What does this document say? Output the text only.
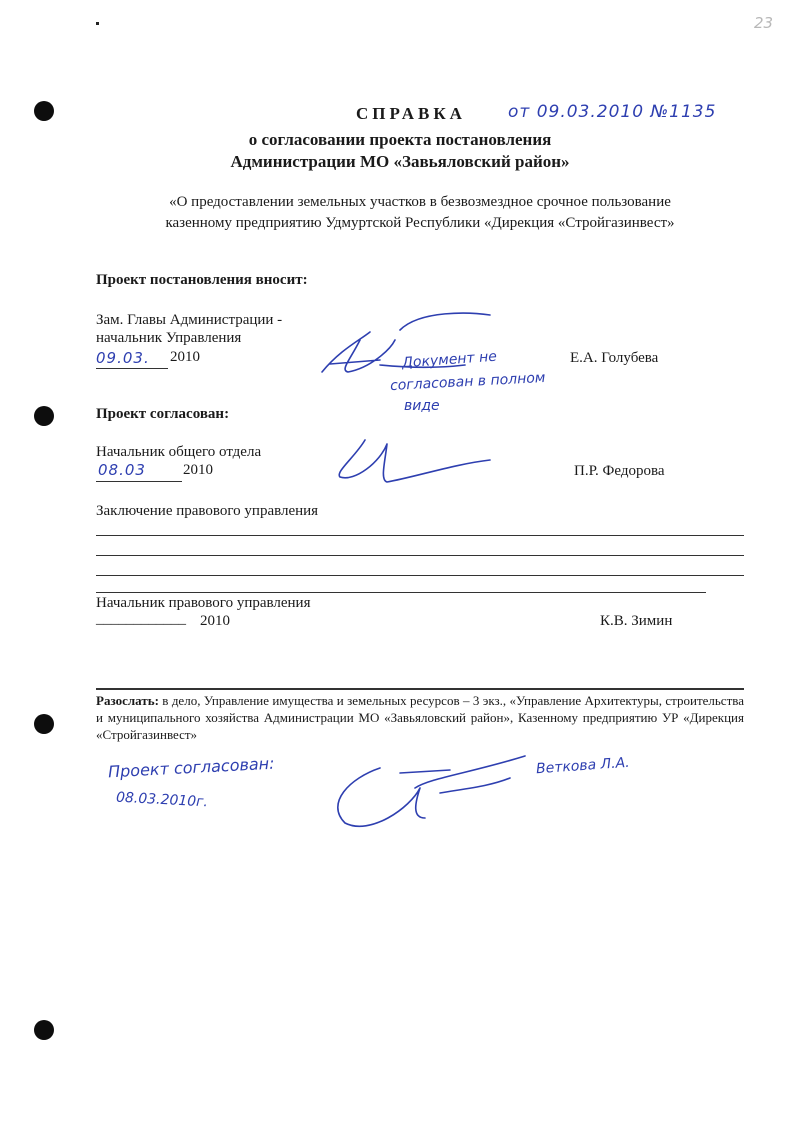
23
СПРАВКА от 09.03.2010 №1135
о согласовании проекта постановления
Администрации МО «Завьяловский район»
«О предоставлении земельных участков в безвозмездное срочное пользование
казенному предприятию Удмуртской Республики «Дирекция «Стройгазинвест»
Проект постановления вносит:
Зам. Главы Администрации -
начальник Управления
09.03. 2010	Е.А. Голубева
Документ не
согласован в полном
виде
Проект согласован:
Начальник общего отдела
08.03 2010	П.Р. Федорова
Заключение правового управления
Начальник правового управления
____________ 2010	К.В. Зимин
Разослать: в дело, Управление имущества и земельных ресурсов – 3 экз., «Управление Архитектуры, строительства и муниципального хозяйства Администрации МО «Завьяловский район», Казенному предприятию УР «Дирекция «Стройгазинвест»
Проект согласован:
08.03.2010г.
Веткова Л.А.
